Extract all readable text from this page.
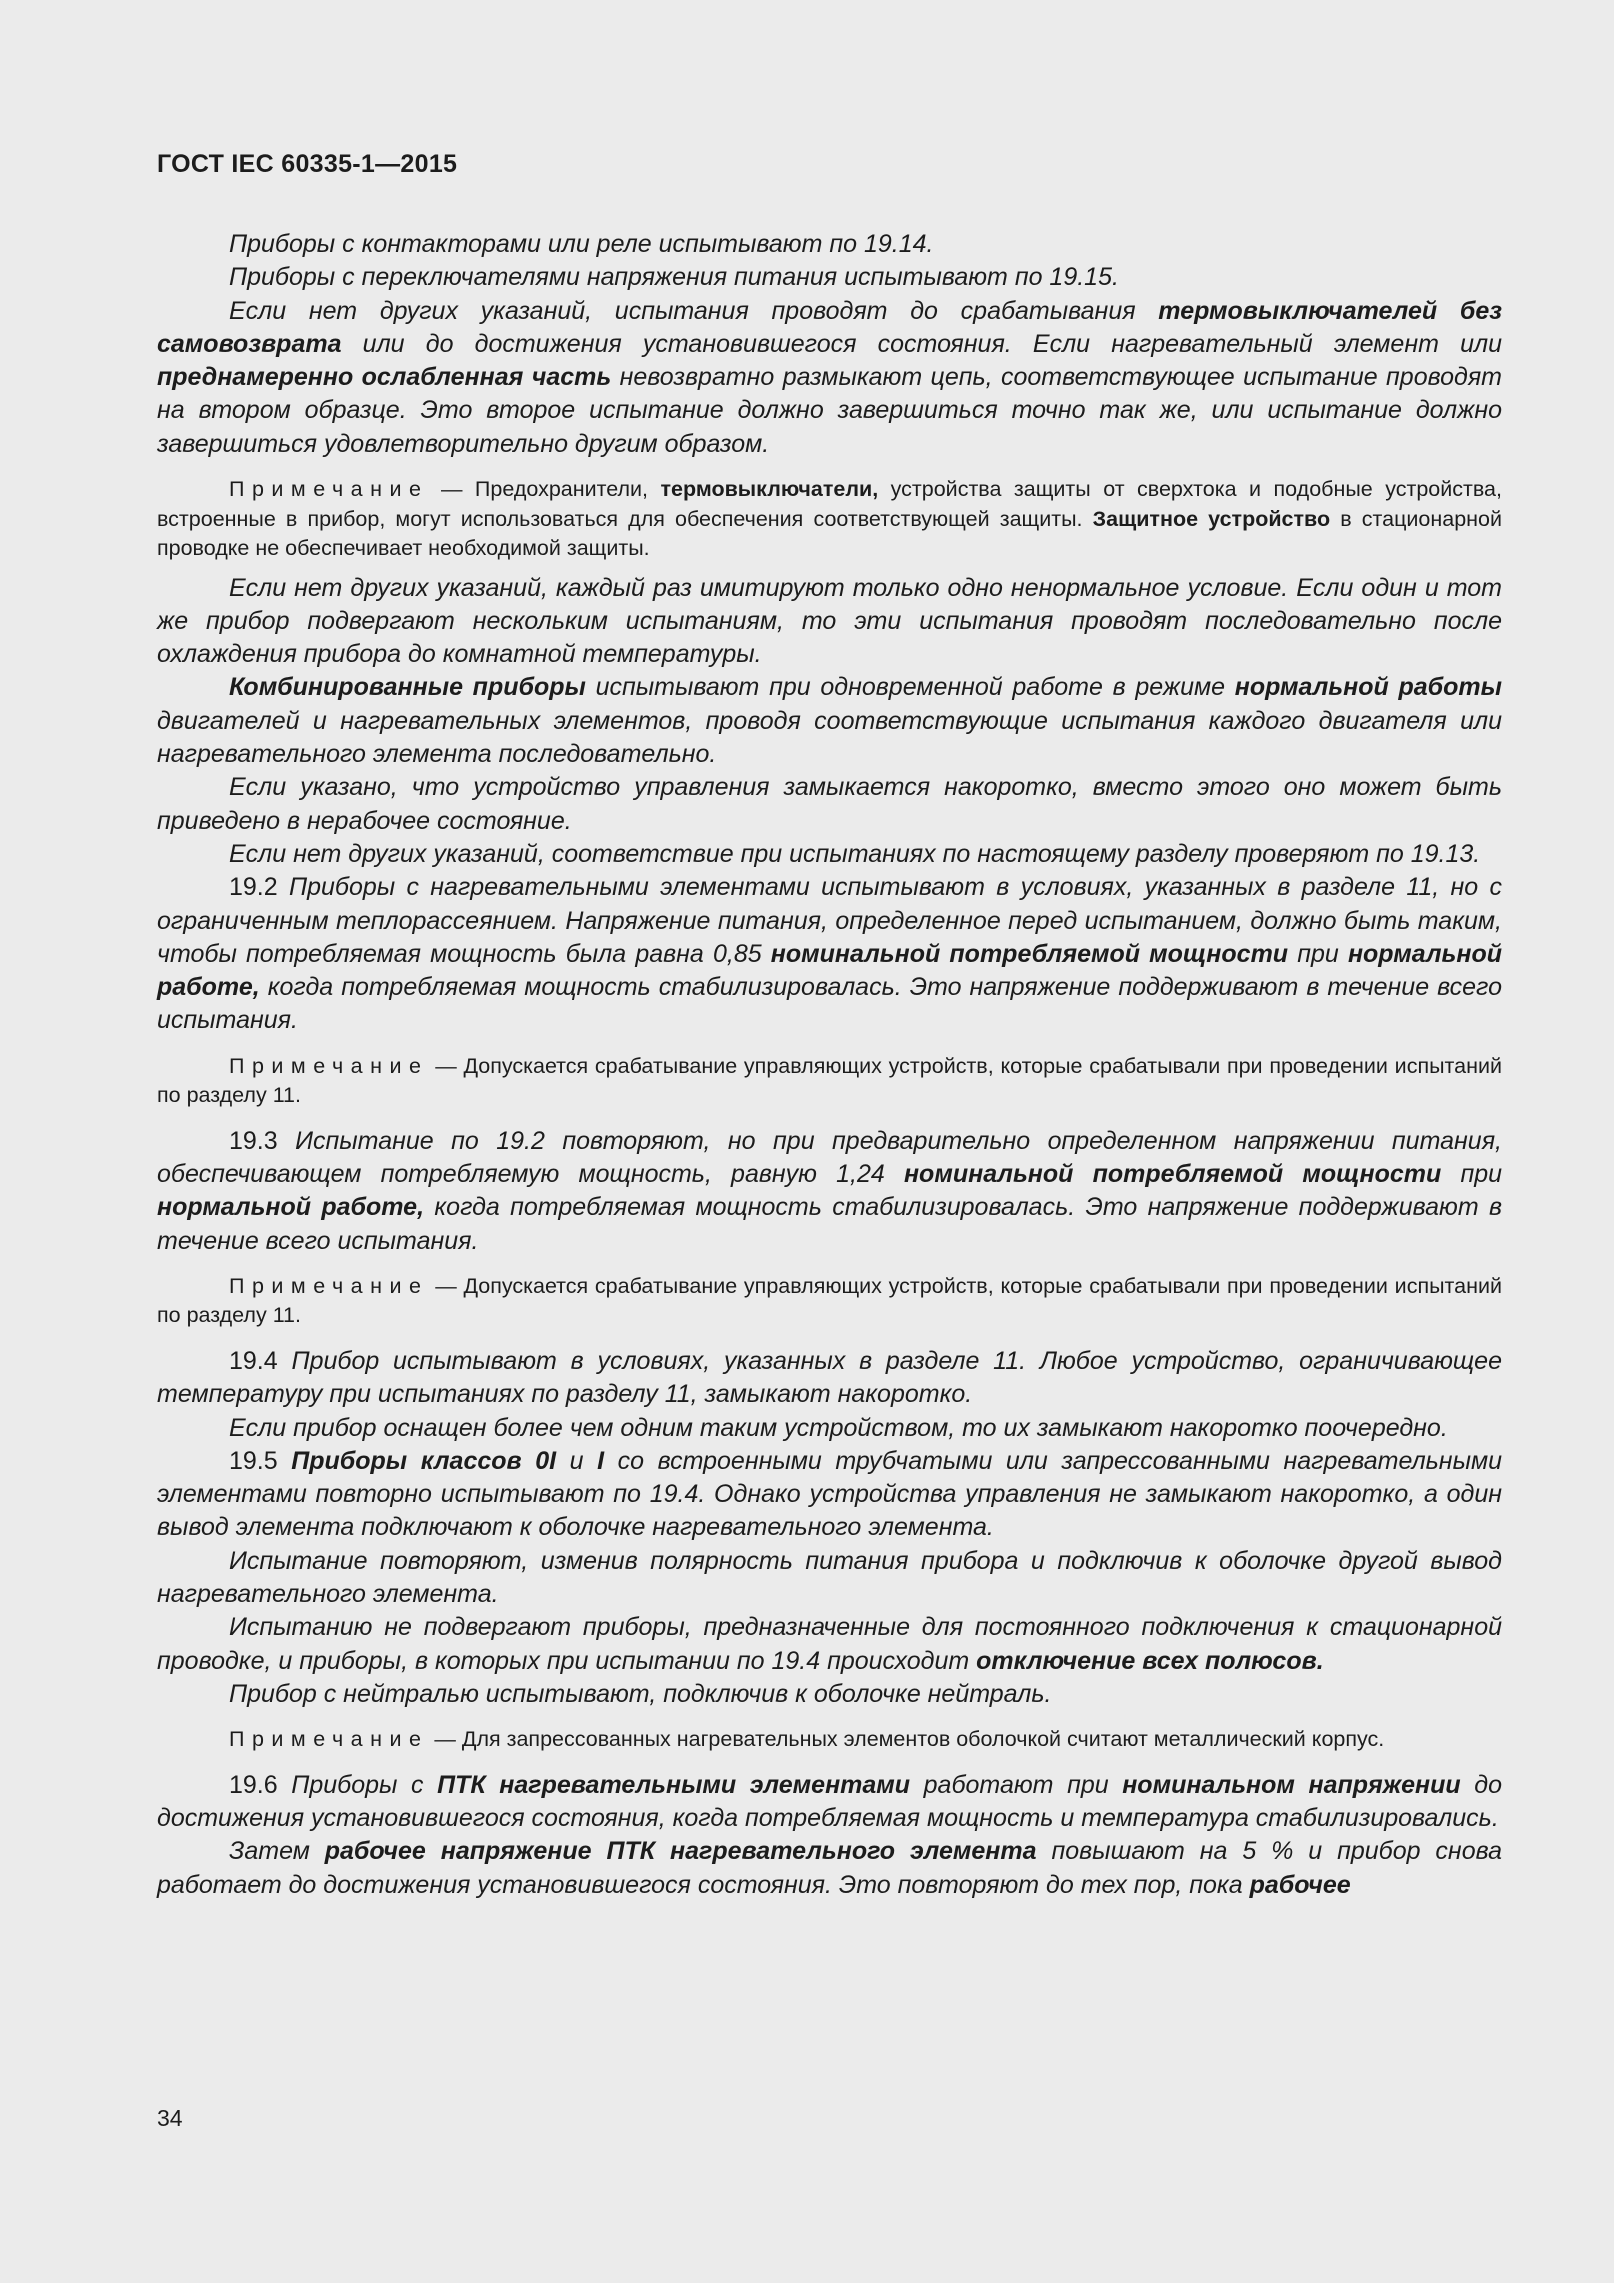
ГОСТ IEC 60335-1—2015

Приборы с контакторами или реле испытывают по 19.14.

Приборы с переключателями напряжения питания испытывают по 19.15.

Если нет других указаний, испытания проводят до срабатывания термовыключателей без самовозврата или до достижения установившегося состояния. Если нагревательный элемент или преднамеренно ослабленная часть невозвратно размыкают цепь, соответствующее испытание проводят на втором образце. Это второе испытание должно завершиться точно так же, или испытание должно завершиться удовлетворительно другим образом.

Примечание — Предохранители, термовыключатели, устройства защиты от сверхтока и подобные устройства, встроенные в прибор, могут использоваться для обеспечения соответствующей защиты. Защитное устройство в стационарной проводке не обеспечивает необходимой защиты.

Если нет других указаний, каждый раз имитируют только одно ненормальное условие. Если один и тот же прибор подвергают нескольким испытаниям, то эти испытания проводят последовательно после охлаждения прибора до комнатной температуры.

Комбинированные приборы испытывают при одновременной работе в режиме нормальной работы двигателей и нагревательных элементов, проводя соответствующие испытания каждого двигателя или нагревательного элемента последовательно.

Если указано, что устройство управления замыкается накоротко, вместо этого оно может быть приведено в нерабочее состояние.

Если нет других указаний, соответствие при испытаниях по настоящему разделу проверяют по 19.13.

19.2 Приборы с нагревательными элементами испытывают в условиях, указанных в разделе 11, но с ограниченным теплорассеянием. Напряжение питания, определенное перед испытанием, должно быть таким, чтобы потребляемая мощность была равна 0,85 номинальной потребляемой мощности при нормальной работе, когда потребляемая мощность стабилизировалась. Это напряжение поддерживают в течение всего испытания.

Примечание — Допускается срабатывание управляющих устройств, которые срабатывали при проведении испытаний по разделу 11.

19.3 Испытание по 19.2 повторяют, но при предварительно определенном напряжении питания, обеспечивающем потребляемую мощность, равную 1,24 номинальной потребляемой мощности при нормальной работе, когда потребляемая мощность стабилизировалась. Это напряжение поддерживают в течение всего испытания.

Примечание — Допускается срабатывание управляющих устройств, которые срабатывали при проведении испытаний по разделу 11.

19.4 Прибор испытывают в условиях, указанных в разделе 11. Любое устройство, ограничивающее температуру при испытаниях по разделу 11, замыкают накоротко.

Если прибор оснащен более чем одним таким устройством, то их замыкают накоротко поочередно.

19.5 Приборы классов 0I и I со встроенными трубчатыми или запрессованными нагревательными элементами повторно испытывают по 19.4. Однако устройства управления не замыкают накоротко, а один вывод элемента подключают к оболочке нагревательного элемента.

Испытание повторяют, изменив полярность питания прибора и подключив к оболочке другой вывод нагревательного элемента.

Испытанию не подвергают приборы, предназначенные для постоянного подключения к стационарной проводке, и приборы, в которых при испытании по 19.4 происходит отключение всех полюсов.

Прибор с нейтралью испытывают, подключив к оболочке нейтраль.

Примечание — Для запрессованных нагревательных элементов оболочкой считают металлический корпус.

19.6 Приборы с ПТК нагревательными элементами работают при номинальном напряжении до достижения установившегося состояния, когда потребляемая мощность и температура стабилизировались.

Затем рабочее напряжение ПТК нагревательного элемента повышают на 5 % и прибор снова работает до достижения установившегося состояния. Это повторяют до тех пор, пока рабочее

34
